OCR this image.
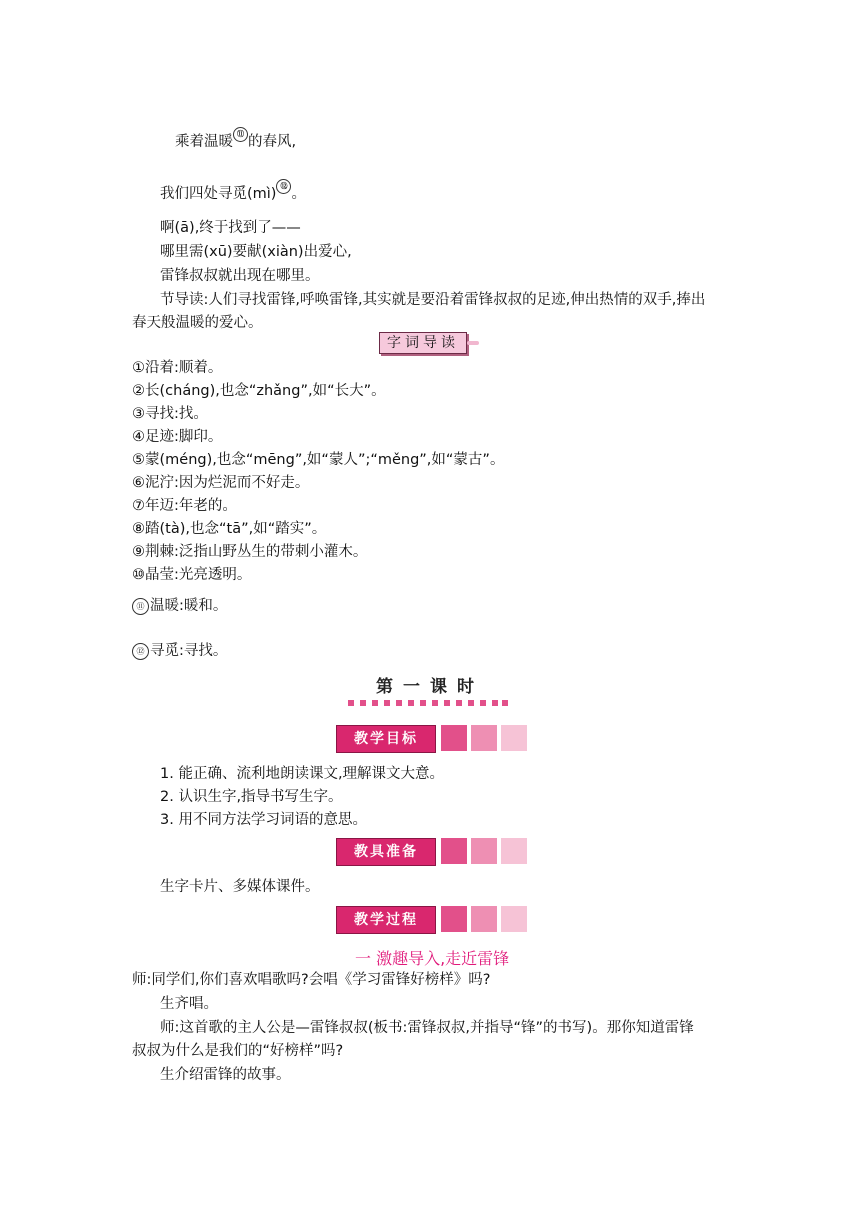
乘着温暖⑪的春风,
我们四处寻觅(mì)⑫。
啊(ā),终于找到了——
哪里需(xū)要献(xiàn)出爱心,
雷锋叔叔就出现在哪里。
节导读:人们寻找雷锋,呼唤雷锋,其实就是要沿着雷锋叔叔的足迹,伸出热情的双手,捧出
春天般温暖的爱心。
字词导读
①沿着:顺着。
②长(cháng),也念“zhǎng”,如“长大”。
③寻找:找。
④足迹:脚印。
⑤蒙(méng),也念“mēng”,如“蒙人”;“měng”,如“蒙古”。
⑥泥泞:因为烂泥而不好走。
⑦年迈:年老的。
⑧踏(tà),也念“tā”,如“踏实”。
⑨荆棘:泛指山野丛生的带刺小灌木。
⑩晶莹:光亮透明。
⑪ 温暖:暖和。
⑫ 寻觅:寻找。
第一课时
教学目标
1. 能正确、流利地朗读课文,理解课文大意。
2. 认识生字,指导书写生字。
3. 用不同方法学习词语的意思。
教具准备
生字卡片、多媒体课件。
教学过程
一 激趣导入,走近雷锋
师:同学们,你们喜欢唱歌吗?会唱《学习雷锋好榜样》吗?
生齐唱。
师:这首歌的主人公是—雷锋叔叔(板书:雷锋叔叔,并指导“锋”的书写)。那你知道雷锋
叔叔为什么是我们的“好榜样”吗?
生介绍雷锋的故事。
